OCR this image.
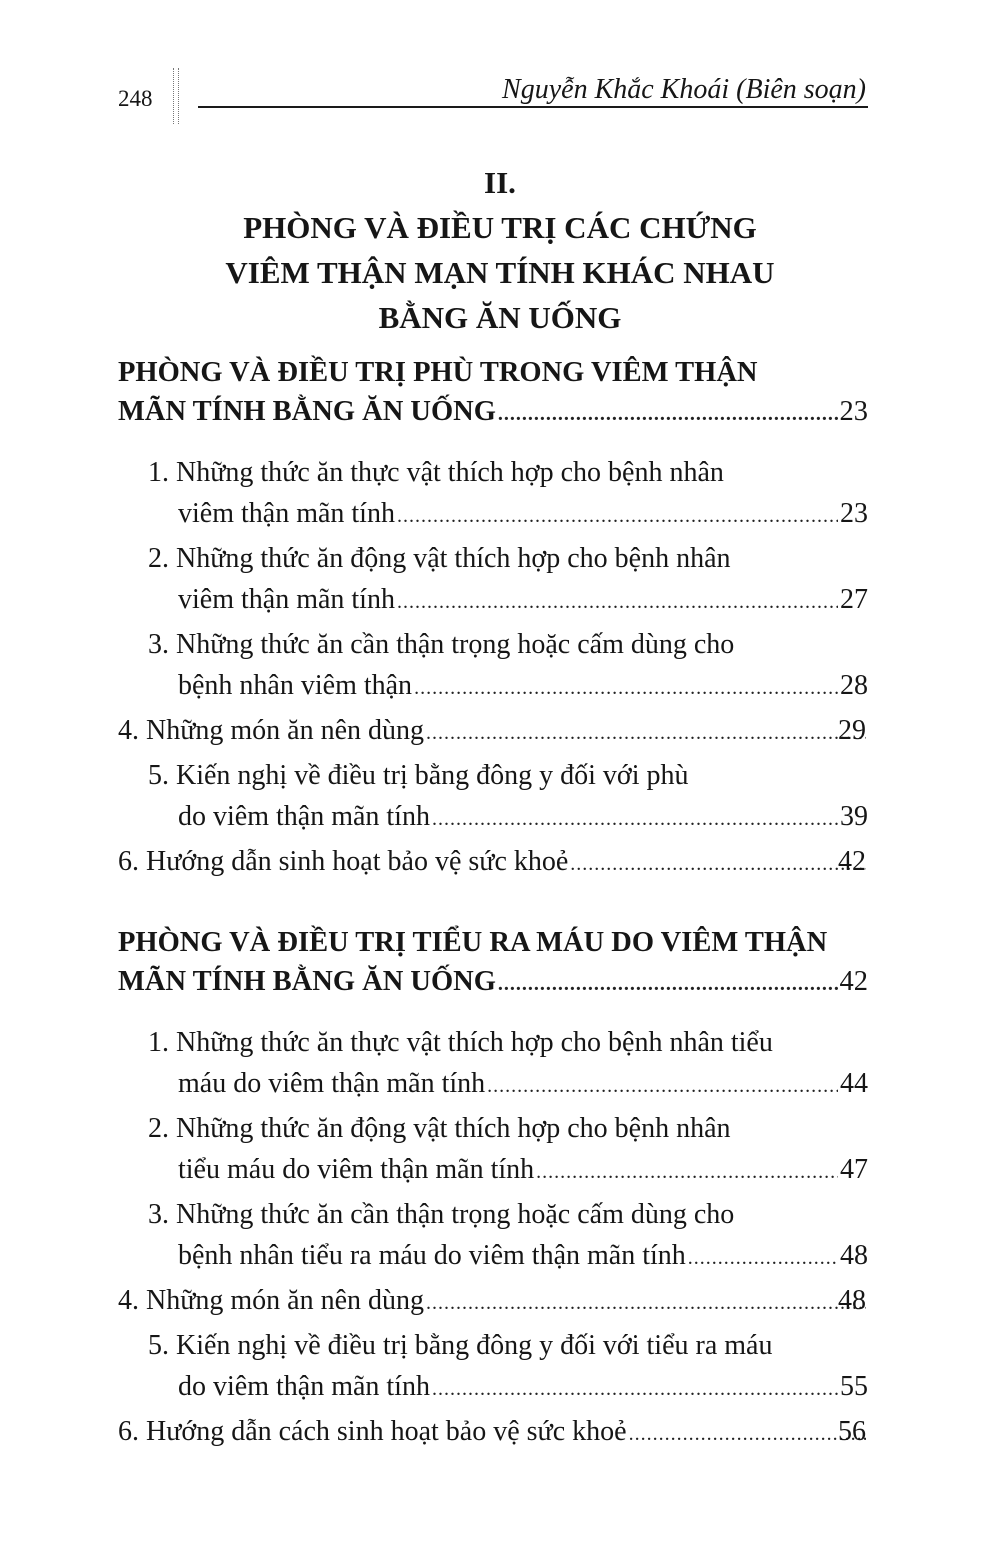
248	Nguyễn Khắc Khoái (Biên soạn)
II.
PHÒNG VÀ ĐIỀU TRỊ CÁC CHỨNG
VIÊM THẬN MẠN TÍNH KHÁC NHAU
BẰNG ĂN UỐNG
PHÒNG VÀ ĐIỀU TRỊ PHÙ TRONG VIÊM THẬN
MÃN TÍNH BẰNG ĂN UỐNG .....	23
1. Những thức ăn thực vật thích hợp cho bệnh nhân
viêm thận mãn tính .....	23
2. Những thức ăn động vật thích hợp cho bệnh nhân
viêm thận mãn tính .....	27
3. Những thức ăn cần thận trọng hoặc cấm dùng cho
bệnh nhân viêm thận .....	28
4. Những món ăn nên dùng .....	29
5. Kiến nghị về điều trị bằng đông y đối với phù
do viêm thận mãn tính .....	39
6. Hướng dẫn sinh hoạt bảo vệ sức khoẻ .....	42
PHÒNG VÀ ĐIỀU TRỊ TIỂU RA MÁU DO VIÊM THẬN
MÃN TÍNH BẰNG ĂN UỐNG .....	42
1. Những thức ăn thực vật thích hợp cho bệnh nhân tiểu
máu do viêm thận mãn tính .....	44
2. Những thức ăn động vật thích hợp cho bệnh nhân
tiểu máu do viêm thận mãn tính .....	47
3. Những thức ăn cần thận trọng hoặc cấm dùng cho
bệnh nhân tiểu ra máu do viêm thận mãn tính .....	48
4. Những món ăn nên dùng .....	48
5. Kiến nghị về điều trị bằng đông y đối với tiểu ra máu
do viêm thận mãn tính .....	55
6. Hướng dẫn cách sinh hoạt bảo vệ sức khoẻ .....	56
